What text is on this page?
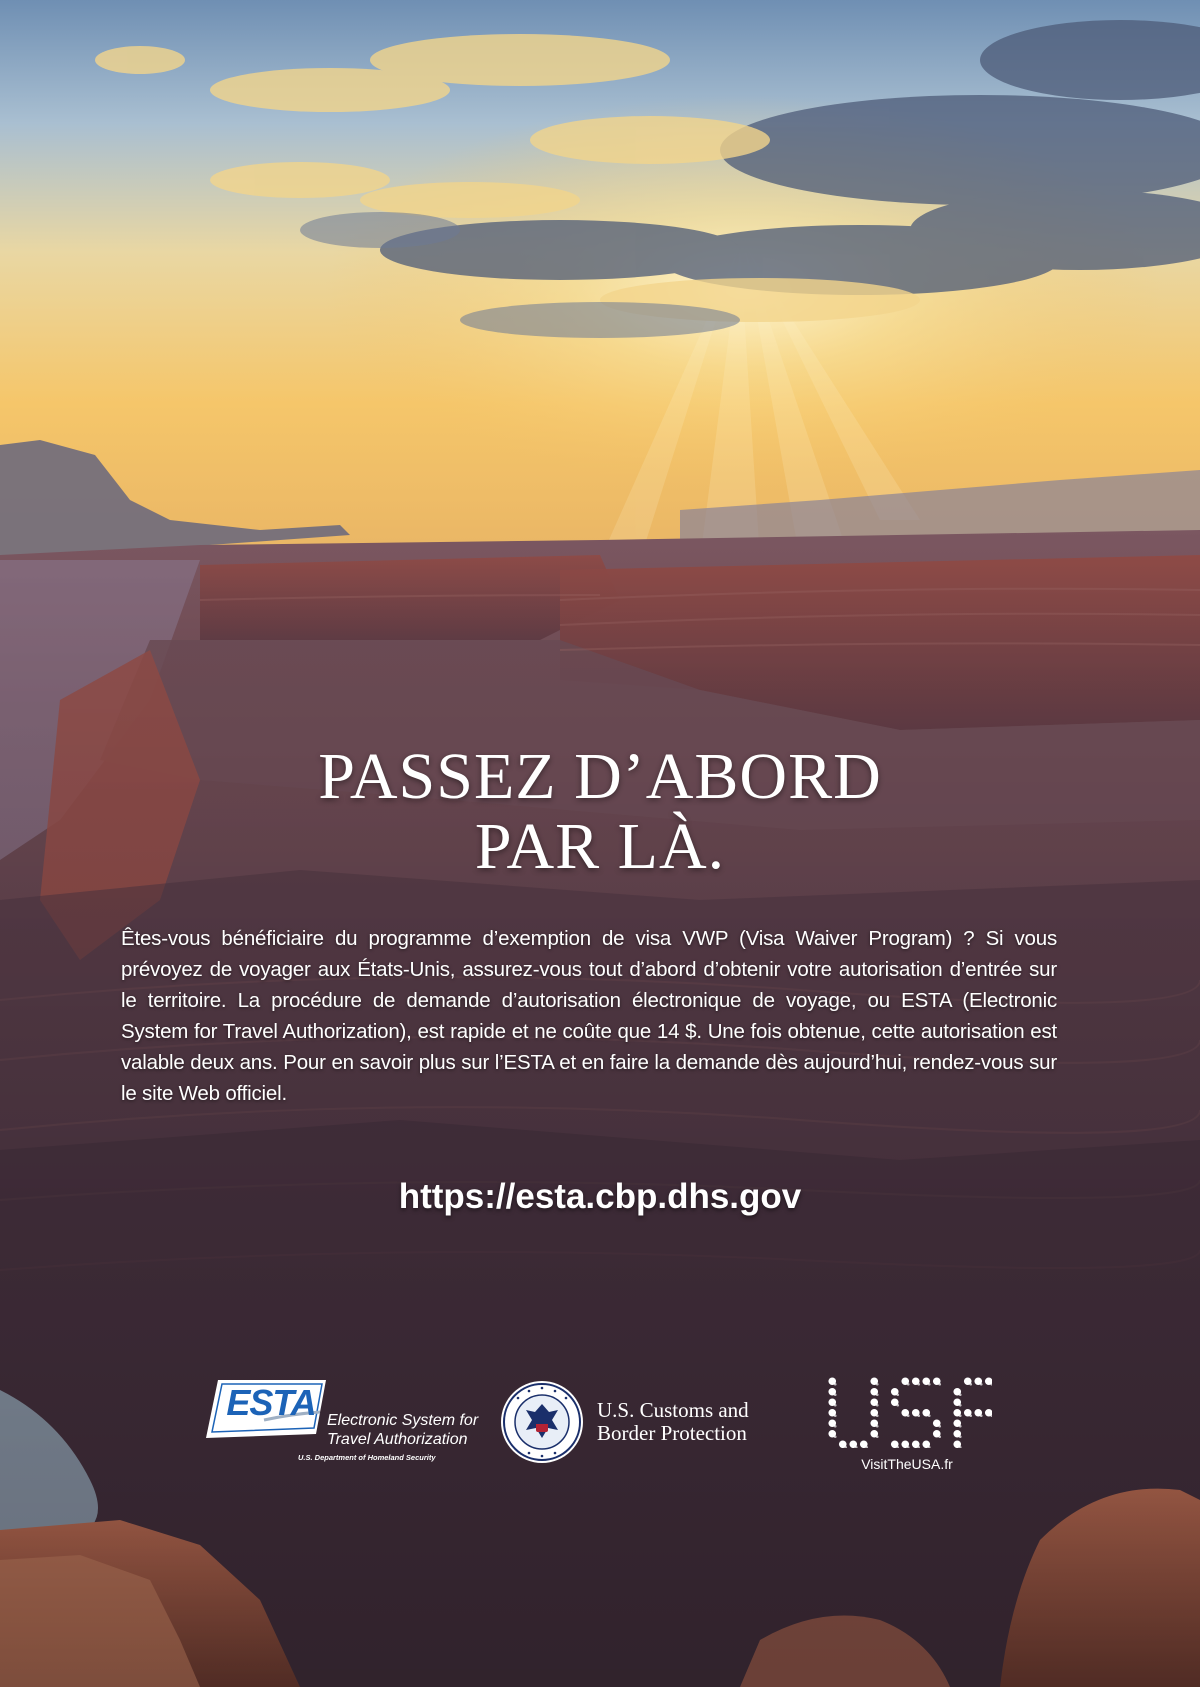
PASSEZ D’ABORD
PAR LÀ.

Êtes-vous bénéficiaire du programme d’exemption de visa VWP (Visa Waiver Program) ? Si vous prévoyez de voyager aux États-Unis, assurez-vous tout d’abord d’obtenir votre autorisation d’entrée sur le territoire. La procédure de demande d’autorisation électronique de voyage, ou ESTA (Electronic System for Travel Authorization), est rapide et ne coûte que 14 $. Une fois obtenue, cette autorisation est valable deux ans. Pour en savoir plus sur l’ESTA et en faire la demande dès aujourd’hui, rendez-vous sur le site Web officiel.

https://esta.cbp.dhs.gov
ESTA Electronic System for
Travel Authorization
U.S. Department of Homeland Security
U.S. Customs and
Border Protection
VisitTheUSA.fr
